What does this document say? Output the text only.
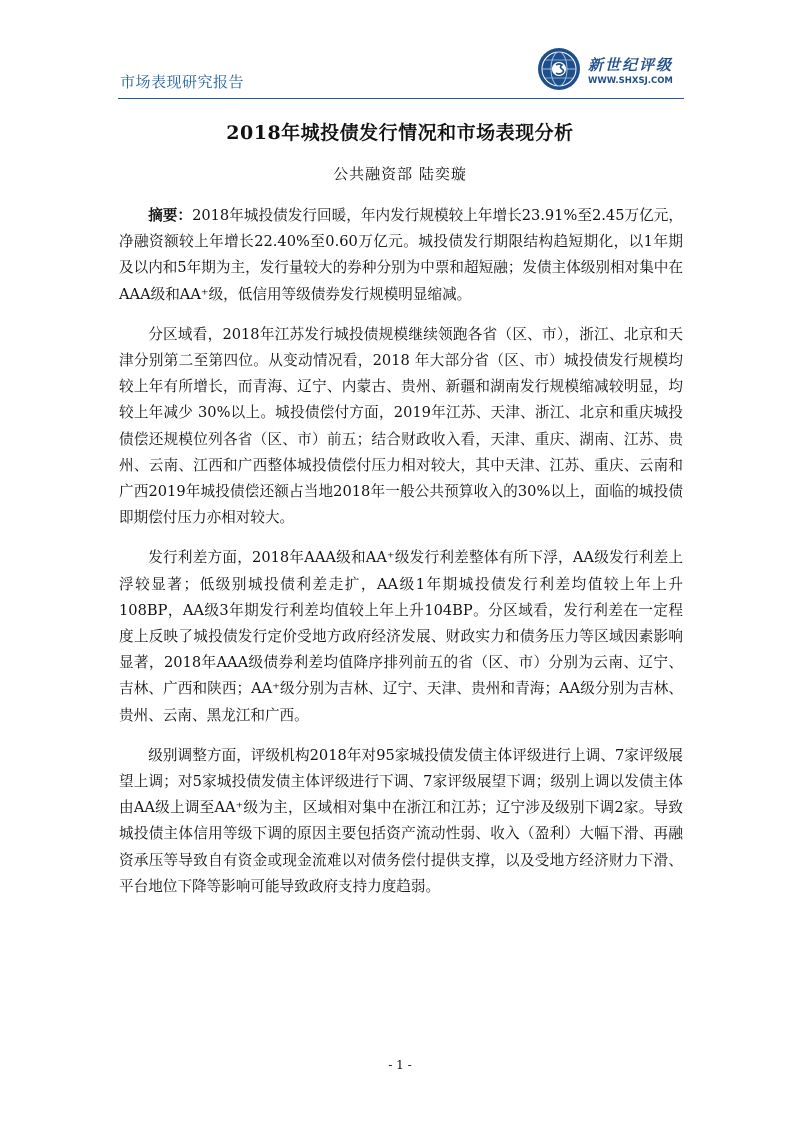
市场表现研究报告
新世纪评级
WWW.SHXSJ.COM
2018年城投债发行情况和市场表现分析
公共融资部 陆奕璇

摘要：2018年城投债发行回暖，年内发行规模较上年增长23.91%至2.45万亿元，净融资额较上年增长22.40%至0.60万亿元。城投债发行期限结构趋短期化，以1年期及以内和5年期为主，发行量较大的券种分别为中票和超短融；发债主体级别相对集中在AAA级和AA⁺级，低信用等级债券发行规模明显缩减。

分区域看，2018年江苏发行城投债规模继续领跑各省（区、市），浙江、北京和天津分别第二至第四位。从变动情况看，2018 年大部分省（区、市）城投债发行规模均较上年有所增长，而青海、辽宁、内蒙古、贵州、新疆和湖南发行规模缩减较明显，均较上年减少 30%以上。城投债偿付方面，2019年江苏、天津、浙江、北京和重庆城投债偿还规模位列各省（区、市）前五；结合财政收入看，天津、重庆、湖南、江苏、贵州、云南、江西和广西整体城投债偿付压力相对较大，其中天津、江苏、重庆、云南和广西2019年城投债偿还额占当地2018年一般公共预算收入的30%以上，面临的城投债即期偿付压力亦相对较大。

发行利差方面，2018年AAA级和AA⁺级发行利差整体有所下浮，AA级发行利差上浮较显著；低级别城投债利差走扩，AA级1年期城投债发行利差均值较上年上升108BP，AA级3年期发行利差均值较上年上升104BP。分区域看，发行利差在一定程度上反映了城投债发行定价受地方政府经济发展、财政实力和债务压力等区域因素影响显著，2018年AAA级债券利差均值降序排列前五的省（区、市）分别为云南、辽宁、吉林、广西和陕西；AA⁺级分别为吉林、辽宁、天津、贵州和青海；AA级分别为吉林、贵州、云南、黑龙江和广西。

级别调整方面，评级机构2018年对95家城投债发债主体评级进行上调、7家评级展望上调；对5家城投债发债主体评级进行下调、7家评级展望下调；级别上调以发债主体由AA级上调至AA⁺级为主，区域相对集中在浙江和江苏；辽宁涉及级别下调2家。导致城投债主体信用等级下调的原因主要包括资产流动性弱、收入（盈利）大幅下滑、再融资承压等导致自有资金或现金流难以对债务偿付提供支撑，以及受地方经济财力下滑、平台地位下降等影响可能导致政府支持力度趋弱。

- 1 -
